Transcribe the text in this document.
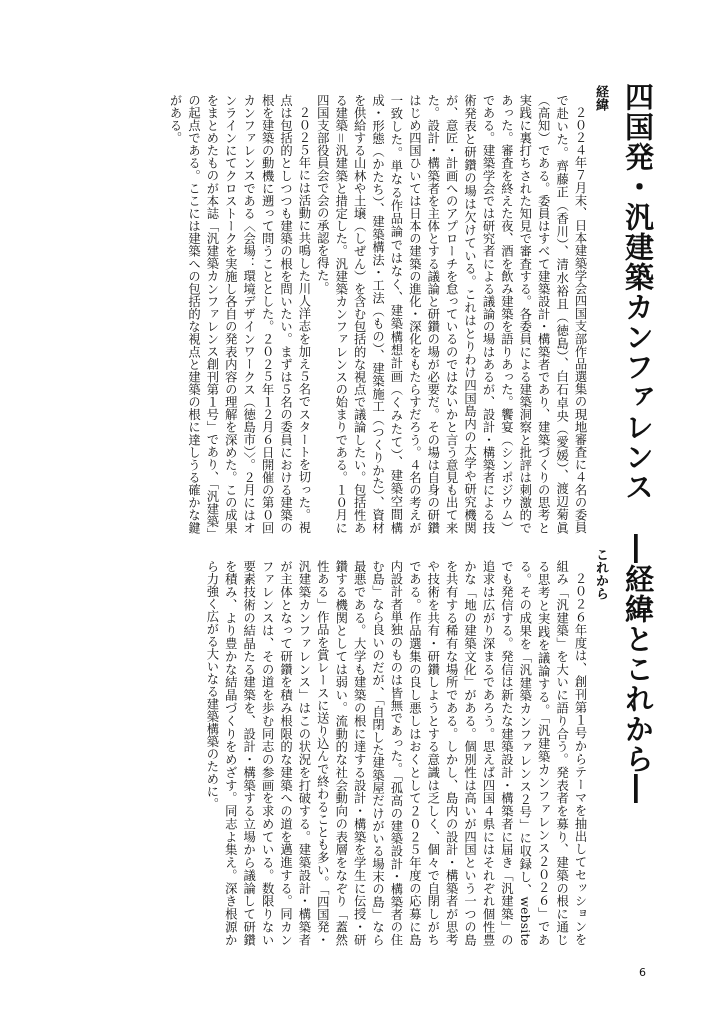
四国発・汎建築カンファレンス―経緯とこれから―
経緯

２０２４年７月末、日本建築学会四国支部作品選集の現地審査に４名の委員で赴いた。齊藤正（香川）、清水裕且（徳島）、白石卓央（愛媛）、渡辺菊眞（高知）である。委員はすべて建築設計・構築者であり、建築づくりの思考と実践に裏打ちされた知見で審査する。各委員による建築洞察と批評は刺激的であった。審査を終えた夜、酒を飲み建築を語りあった。饗宴（シンポジウム）である。建築学会では研究者による議論の場はあるが、設計・構築者による技術発表と研鑽の場は欠けている。これはとりわけ四国島内の大学や研究機関が、意匠・計画へのアプローチを怠っているのではないかと言う意見も出て来た。設計・構築者を主体とする議論と研鑽の場が必要だ。その場は自身の研鑽はじめ四国ひいては日本の建築の進化・深化をもたらすだろう。４名の考えが一致した。単なる作品論ではなく、建築構想計画（くみたて）、建築空間構成・形態（かたち）、建築構法・工法（もの）、建築施工（つくりかた）、資材を供給する山林や土壌（しぜん）を含む包括的な視点で議論したい。包括性ある建築＝汎建築と措定した。汎建築カンファレンスの始まりである。１０月に四国支部役員会で会の承認を得た。

２０２５年には活動に共鳴した川人洋志を加え５名でスタートを切った。視点は包括的としつつも建築の根を問いたい。まずは５名の委員における建築の根を建築の動機に遡って問うこととした。２０２５年１２月６日開催の第０回カンファレンスである〈会場：環境デザインワークス（徳島市）〉。２月にはオンラインにてクロストークを実施し各自の発表内容の理解を深めた。この成果をまとめたものが本誌「汎建築カンファレンス創刊第１号」であり、「汎建築」の起点である。ここには建築への包括的な視点と建築の根に達しうる確かな鍵がある。

これから

２０２６年度は、創刊第１号からテーマを抽出してセッションを組み「汎建築」を大いに語り合う。発表者を募り、建築の根に通じる思考と実践を議論する。「汎建築カンファレンス２０２６」である。その成果を「汎建築カンファレンス２号」に収録し、websiteでも発信する。発信は新たな建築設計・構築者に届き「汎建築」の追求は広がり深まるであろう。思えば四国４県にはそれぞれ個性豊かな「地の建築文化」がある。個別性は高いが四国という一つの島を共有する稀有な場所である。しかし、島内の設計・構築者が思考や技術を共有・研鑽しようとする意識は乏しく、個々で自閉しがちである。作品選集の良し悪しはおくとして２０２５年度の応募に島内設計者単独のものは皆無であった。「孤高の建築設計・構築者の住む島」なら良いのだが、「自閉した建築屋だけがいる場末の島」なら最悪である。大学も建築の根に達する設計・構築を学生に伝授・研鑽する機関としては弱い。流動的な社会動向の表層をなぞり「蓋然性ある」作品を賞レースに送り込んで終わることも多い。「四国発・汎建築カンファレンス」はこの状況を打破する。建築設計・構築者が主体となって研鑽を積み根限的な建築への道を邁進する。同カンファレンスは、その道を歩む同志の参画を求めている。数限りない要素技術の結晶たる建築を、設計・構築する立場から議論して研鑽を積み、より豊かな結晶づくりをめざす。同志よ集え。深き根源から力強く広がる大いなる建築構築のために。

6
